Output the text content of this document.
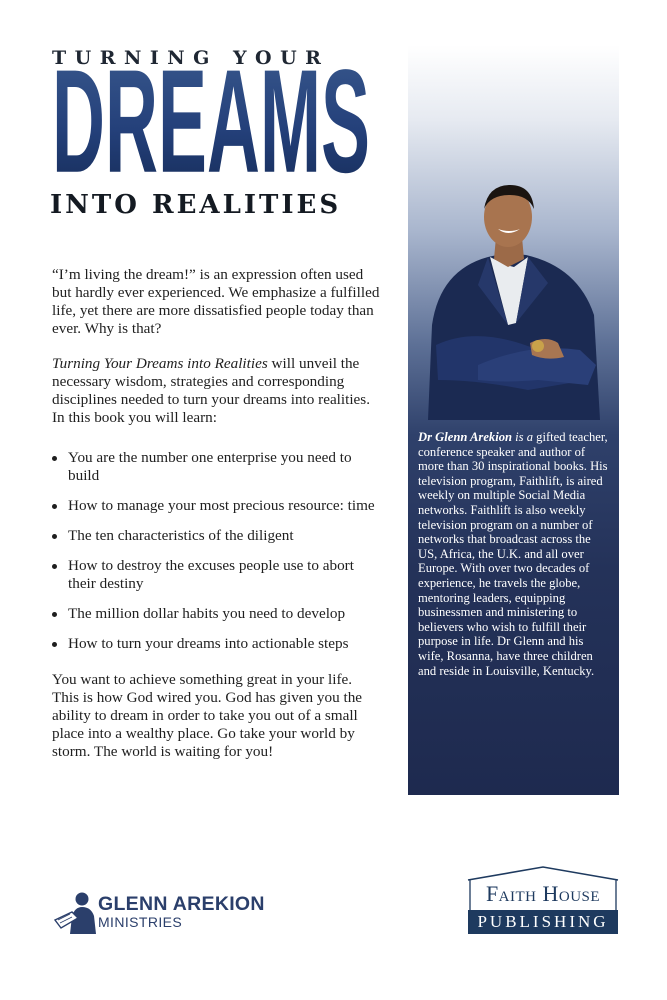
TURNING YOUR
DREAMS
INTO REALITIES

“I’m living the dream!” is an expression often used but hardly ever experienced. We emphasize a fulfilled life, yet there are more dissatisfied people today than ever. Why is that?

Turning Your Dreams into Realities will unveil the necessary wisdom, strategies and corresponding disciplines needed to turn your dreams into realities. In this book you will learn:

You are the number one enterprise you need to build
How to manage your most precious resource: time
The ten characteristics of the diligent
How to destroy the excuses people use to abort their destiny
The million dollar habits you need to develop
How to turn your dreams into actionable steps

You want to achieve something great in your life. This is how God wired you. God has given you the ability to dream in order to take you out of a small place into a wealthy place. Go take your world by storm. The world is waiting for you!

Dr Glenn Arekion is a gifted teacher, conference speaker and author of more than 30 inspirational books. His television program, Faithlift, is aired weekly on multiple Social Media networks. Faithlift is also weekly television program on a number of networks that broadcast across the US, Africa, the U.K. and all over Europe. With over two decades of experience, he travels the globe, mentoring leaders, equipping businessmen and ministering to believers who wish to fulfill their purpose in life. Dr Glenn and his wife, Rosanna, have three children and reside in Louisville, Kentucky.
GLENN AREKION
MINISTRIES
Faith House
PUBLISHING
